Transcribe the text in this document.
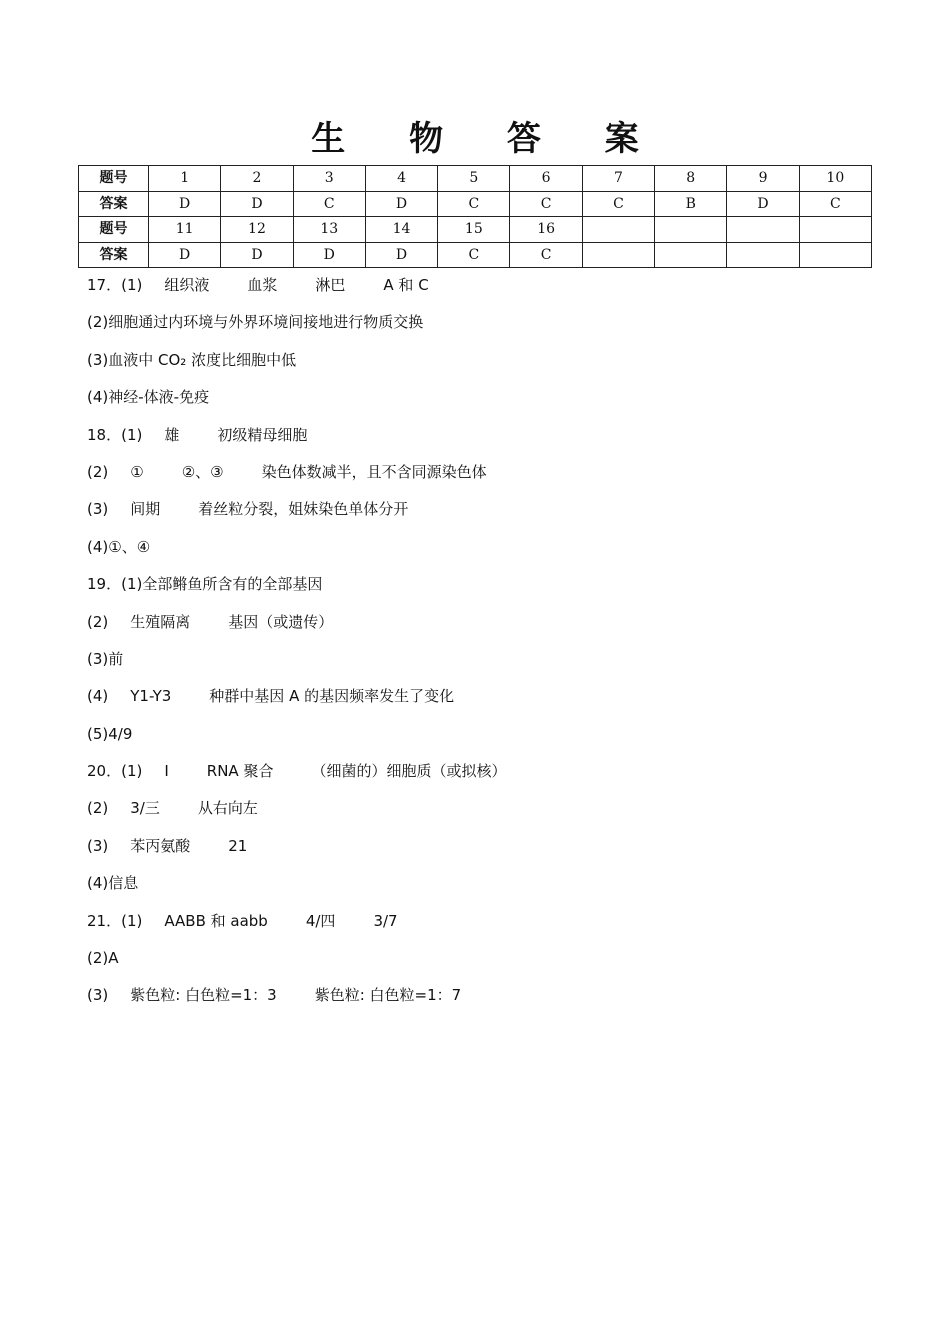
生 物 答 案
题号	1	2	3	4	5	6	7	8	9	10
答案	D	D	C	D	C	C	C	B	D	C
题号	11	12	13	14	15	16				
答案	D	D	D	D	C	C				
17．(1) 组织液	血浆	淋巴	A 和 C
(2)细胞通过内环境与外界环境间接地进行物质交换
(3)血液中 CO₂ 浓度比细胞中低
(4)神经-体液-免疫
18．(1) 雄	初级精母细胞
(2) ①	②、③	染色体数减半，且不含同源染色体
(3) 间期	着丝粒分裂，姐妹染色单体分开
(4)①、④
19．(1)全部鳉鱼所含有的全部基因
(2) 生殖隔离	基因（或遗传）
(3)前
(4) Y1-Y3	种群中基因 A 的基因频率发生了变化
(5)4/9
20．(1) Ⅰ	RNA 聚合	（细菌的）细胞质（或拟核）
(2) 3/三	从右向左
(3) 苯丙氨酸	21
(4)信息
21．(1) AABB 和 aabb	4/四	3/7
(2)A
(3) 紫色粒: 白色粒=1：3	紫色粒: 白色粒=1：7
